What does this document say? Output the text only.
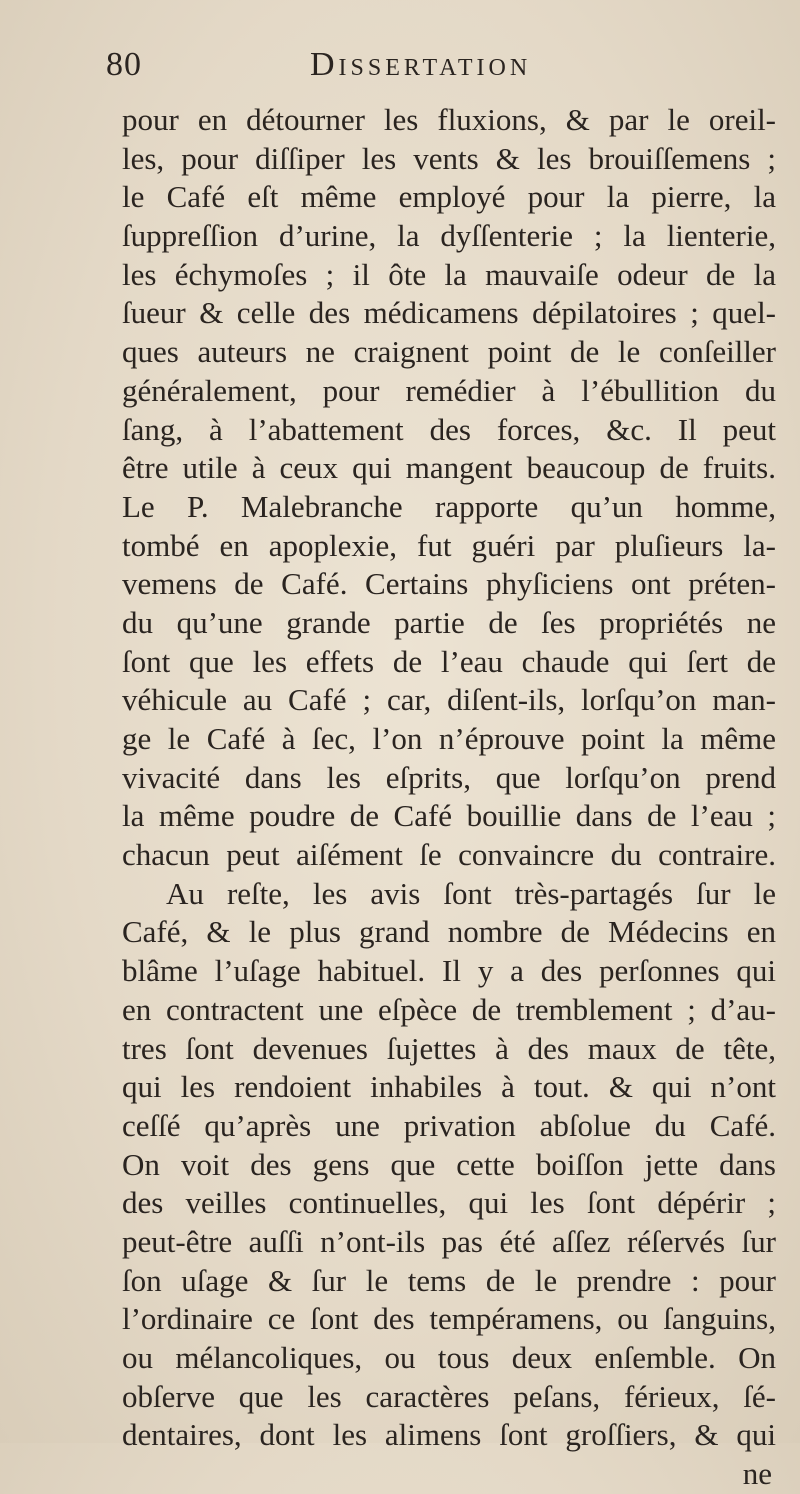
80	Dissertation
pour en détourner les fluxions, & par le oreil-
les, pour diſſiper les vents & les brouiſſemens ;
le Café eſt même employé pour la pierre, la
ſuppreſſion d’urine, la dyſſenterie ; la lienterie,
les échymoſes ; il ôte la mauvaiſe odeur de la
ſueur & celle des médicamens dépilatoires ; quel-
ques auteurs ne craignent point de le conſeiller
généralement, pour remédier à l’ébullition du
ſang, à l’abattement des forces, &c. Il peut
être utile à ceux qui mangent beaucoup de fruits.
Le P. Malebranche rapporte qu’un homme,
tombé en apoplexie, fut guéri par pluſieurs la-
vemens de Café. Certains phyſiciens ont préten-
du qu’une grande partie de ſes propriétés ne
ſont que les effets de l’eau chaude qui ſert de
véhicule au Café ; car, diſent-ils, lorſqu’on man-
ge le Café à ſec, l’on n’éprouve point la même
vivacité dans les eſprits, que lorſqu’on prend
la même poudre de Café bouillie dans de l’eau ;
chacun peut aiſément ſe convaincre du contraire.
Au reſte, les avis ſont très-partagés ſur le
Café, & le plus grand nombre de Médecins en
blâme l’uſage habituel. Il y a des perſonnes qui
en contractent une eſpèce de tremblement ; d’au-
tres ſont devenues ſujettes à des maux de tête,
qui les rendoient inhabiles à tout. & qui n’ont
ceſſé qu’après une privation abſolue du Café.
On voit des gens que cette boiſſon jette dans
des veilles continuelles, qui les ſont dépérir ;
peut-être auſſi n’ont-ils pas été aſſez réſervés ſur
ſon uſage & ſur le tems de le prendre : pour
l’ordinaire ce ſont des tempéramens, ou ſanguins,
ou mélancoliques, ou tous deux enſemble. On
obſerve que les caractères peſans, férieux, ſé-
dentaires, dont les alimens ſont groſſiers, & qui
ne
